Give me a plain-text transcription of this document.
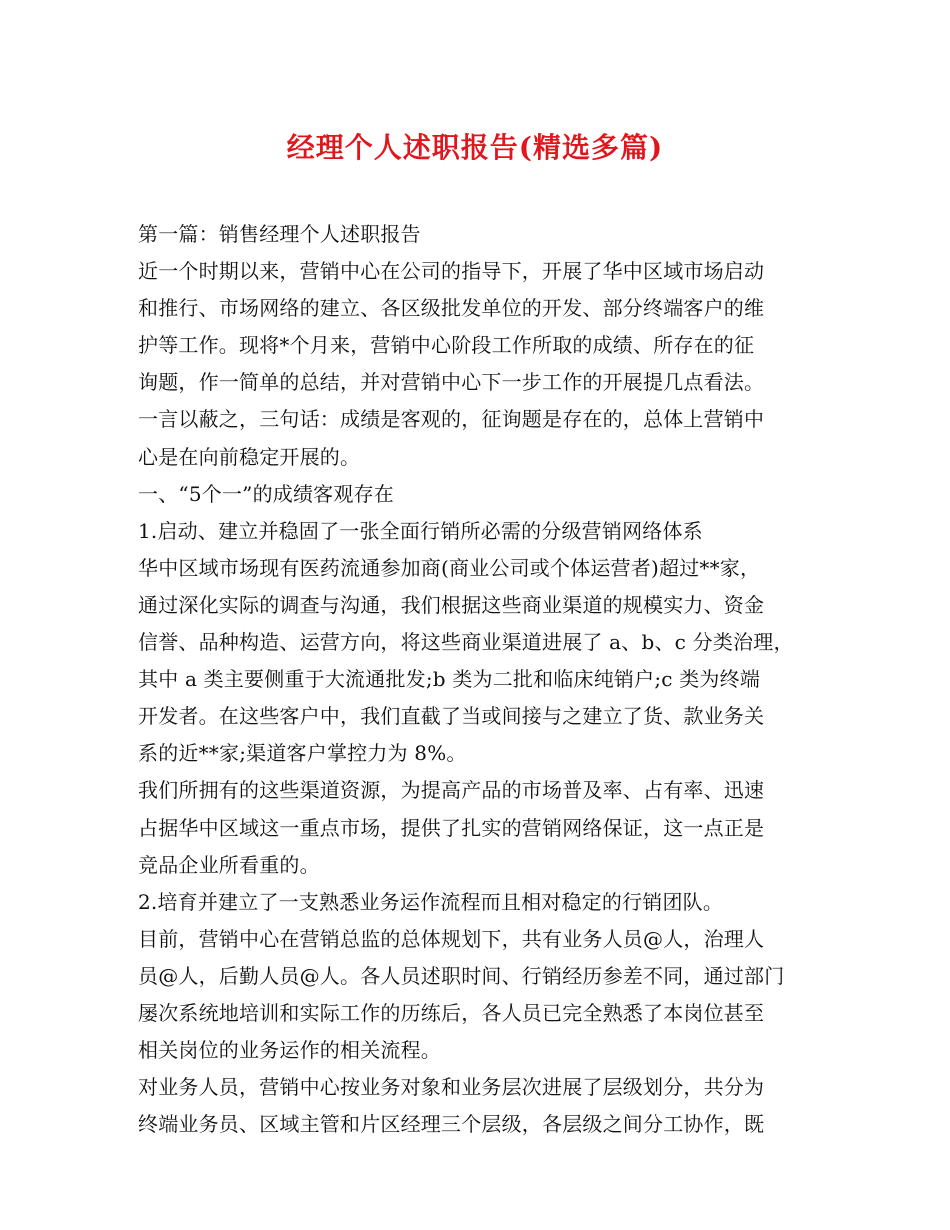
经理个人述职报告(精选多篇)
第一篇：销售经理个人述职报告
近一个时期以来，营销中心在公司的指导下，开展了华中区域市场启动
和推行、市场网络的建立、各区级批发单位的开发、部分终端客户的维
护等工作。现将*个月来，营销中心阶段工作所取的成绩、所存在的征
询题，作一简单的总结，并对营销中心下一步工作的开展提几点看法。
一言以蔽之，三句话：成绩是客观的，征询题是存在的，总体上营销中
心是在向前稳定开展的。
一、“5个一”的成绩客观存在
1.启动、建立并稳固了一张全面行销所必需的分级营销网络体系
华中区域市场现有医药流通参加商(商业公司或个体运营者)超过**家，
通过深化实际的调查与沟通，我们根据这些商业渠道的规模实力、资金
信誉、品种构造、运营方向，将这些商业渠道进展了 a、b、c 分类治理，
其中 a 类主要侧重于大流通批发;b 类为二批和临床纯销户;c 类为终端
开发者。在这些客户中，我们直截了当或间接与之建立了货、款业务关
系的近**家;渠道客户掌控力为 8%。
我们所拥有的这些渠道资源，为提高产品的市场普及率、占有率、迅速
占据华中区域这一重点市场，提供了扎实的营销网络保证，这一点正是
竞品企业所看重的。
2.培育并建立了一支熟悉业务运作流程而且相对稳定的行销团队。
目前，营销中心在营销总监的总体规划下，共有业务人员@人，治理人
员@人，后勤人员@人。各人员述职时间、行销经历参差不同，通过部门
屡次系统地培训和实际工作的历练后，各人员已完全熟悉了本岗位甚至
相关岗位的业务运作的相关流程。
对业务人员，营销中心按业务对象和业务层次进展了层级划分，共分为
终端业务员、区域主管和片区经理三个层级，各层级之间分工协作，既
